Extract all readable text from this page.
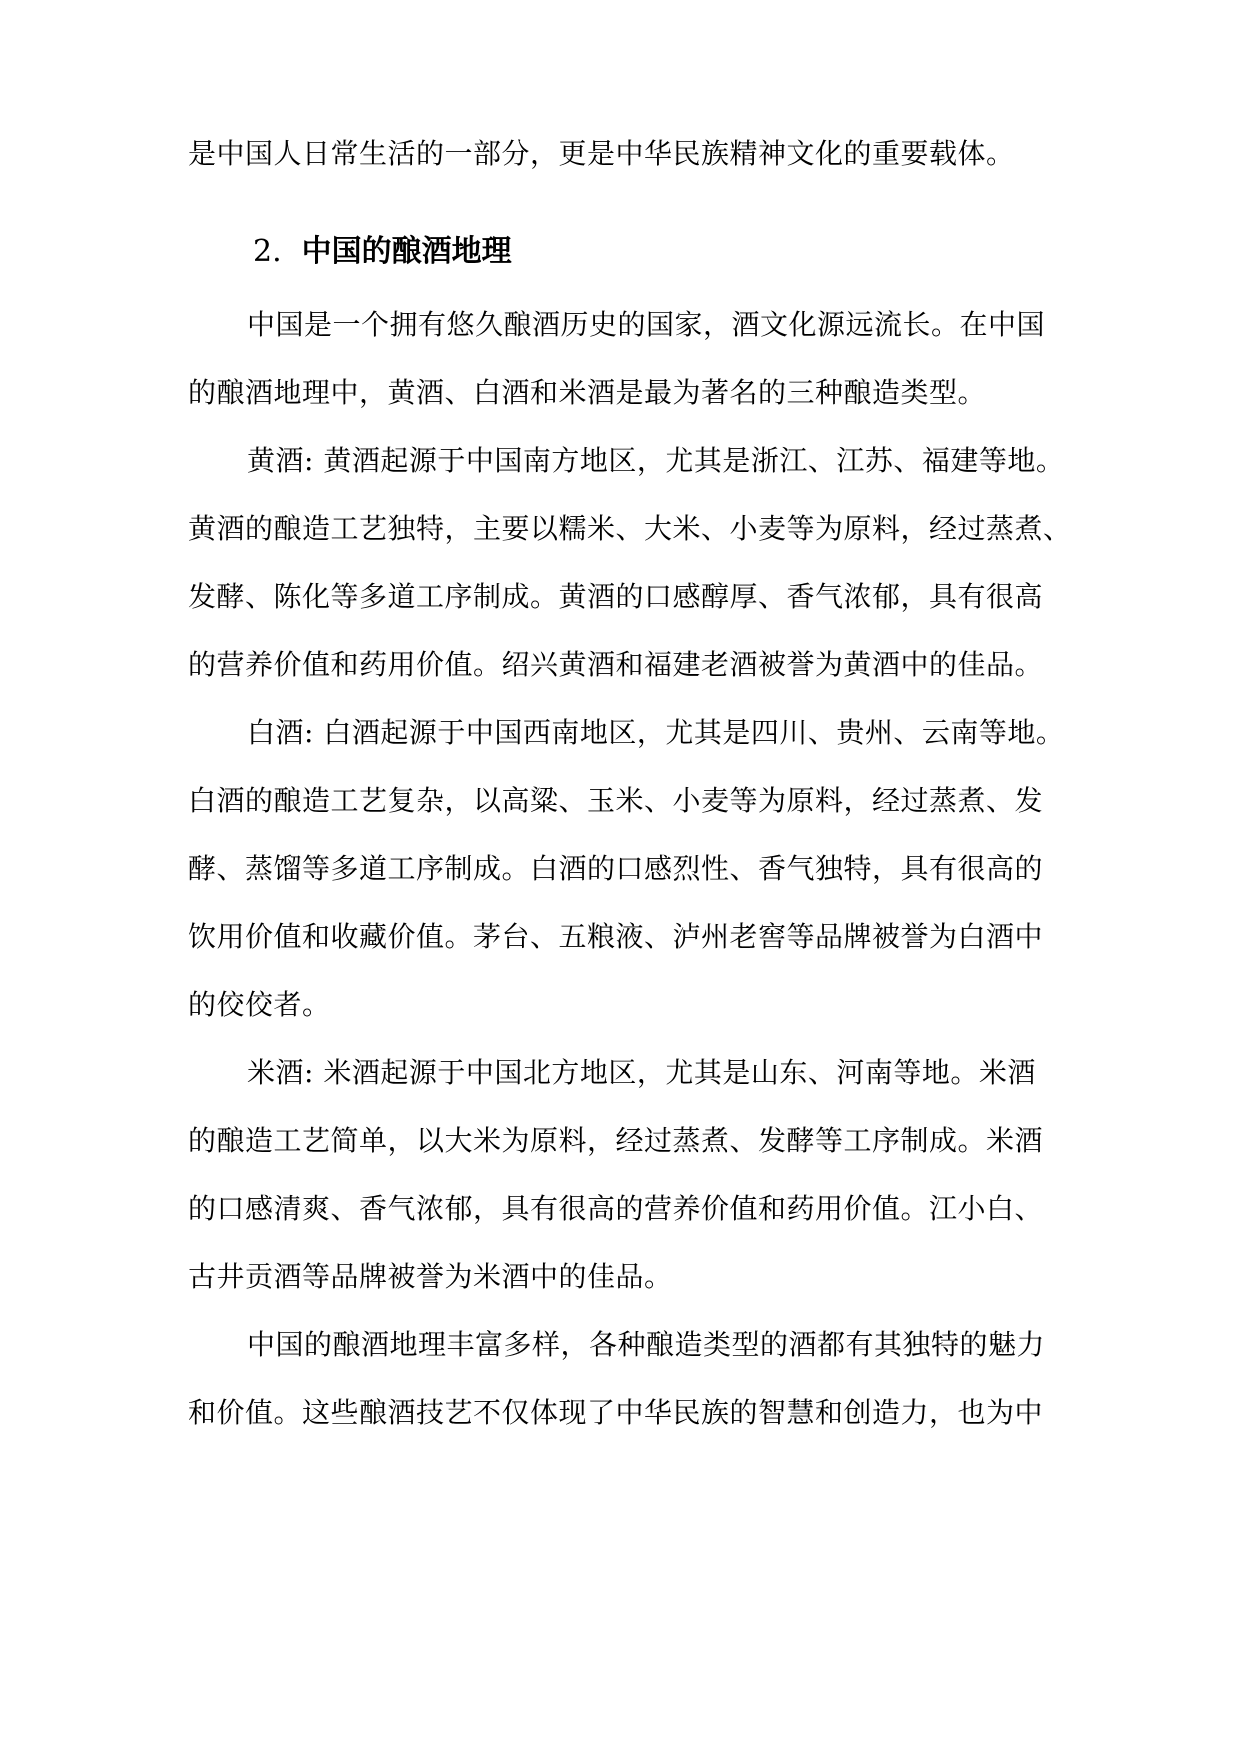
是中国人日常生活的一部分，更是中华民族精神文化的重要载体。
2. 中国的酿酒地理
中国是一个拥有悠久酿酒历史的国家，酒文化源远流长。在中国
的酿酒地理中，黄酒、白酒和米酒是最为著名的三种酿造类型。
黄酒: 黄酒起源于中国南方地区，尤其是浙江、江苏、福建等地。
黄酒的酿造工艺独特，主要以糯米、大米、小麦等为原料，经过蒸煮、
发酵、陈化等多道工序制成。黄酒的口感醇厚、香气浓郁，具有很高
的营养价值和药用价值。绍兴黄酒和福建老酒被誉为黄酒中的佳品。
白酒: 白酒起源于中国西南地区，尤其是四川、贵州、云南等地。
白酒的酿造工艺复杂，以高粱、玉米、小麦等为原料，经过蒸煮、发
酵、蒸馏等多道工序制成。白酒的口感烈性、香气独特，具有很高的
饮用价值和收藏价值。茅台、五粮液、泸州老窖等品牌被誉为白酒中
的佼佼者。
米酒: 米酒起源于中国北方地区，尤其是山东、河南等地。米酒
的酿造工艺简单，以大米为原料，经过蒸煮、发酵等工序制成。米酒
的口感清爽、香气浓郁，具有很高的营养价值和药用价值。江小白、
古井贡酒等品牌被誉为米酒中的佳品。
中国的酿酒地理丰富多样，各种酿造类型的酒都有其独特的魅力
和价值。这些酿酒技艺不仅体现了中华民族的智慧和创造力，也为中
